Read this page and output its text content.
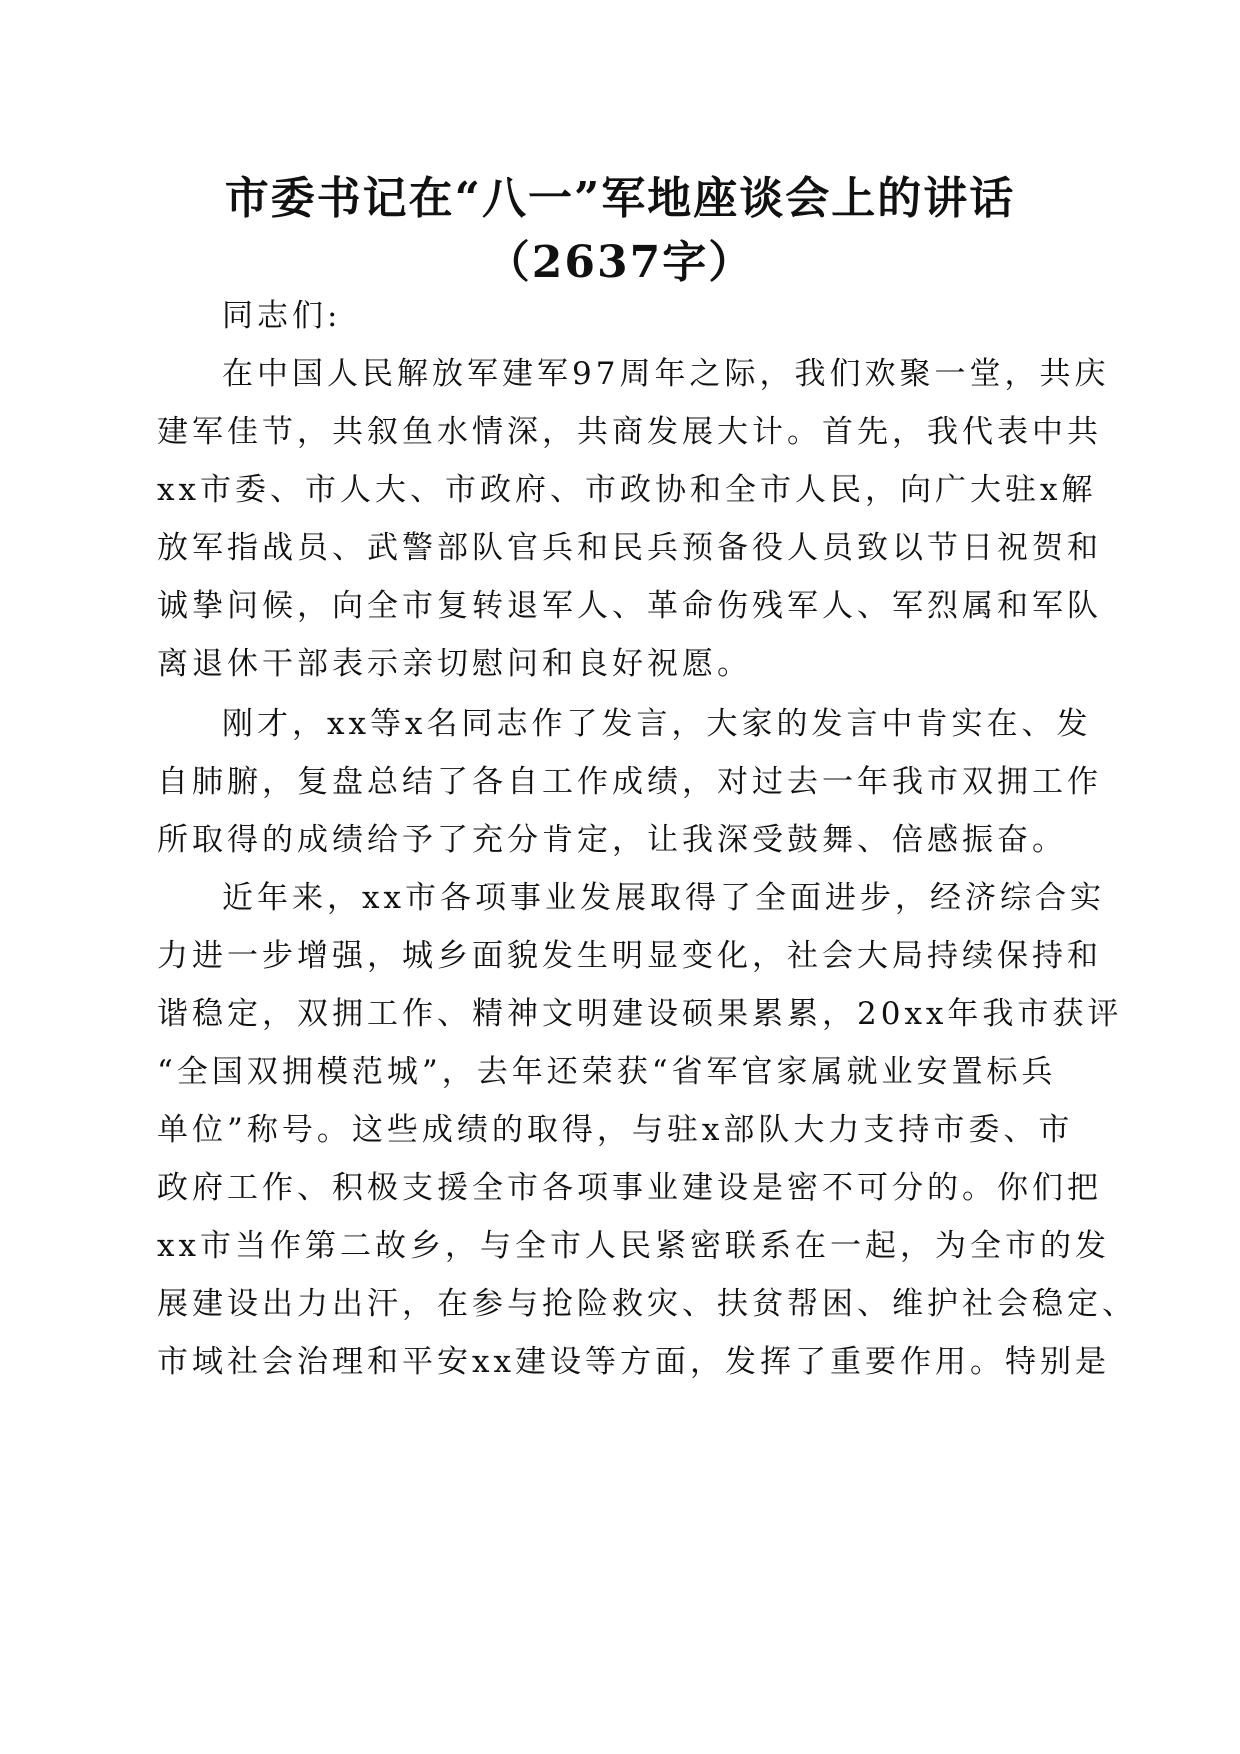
市委书记在“八一”军地座谈会上的讲话
（2637字）
同志们:
在中国人民解放军建军97周年之际，我们欢聚一堂，共庆
建军佳节，共叙鱼水情深，共商发展大计。首先，我代表中共
xx市委、市人大、市政府、市政协和全市人民，向广大驻x解
放军指战员、武警部队官兵和民兵预备役人员致以节日祝贺和
诚挚问候，向全市复转退军人、革命伤残军人、军烈属和军队
离退休干部表示亲切慰问和良好祝愿。
刚才，xx等x名同志作了发言，大家的发言中肯实在、发
自肺腑，复盘总结了各自工作成绩，对过去一年我市双拥工作
所取得的成绩给予了充分肯定，让我深受鼓舞、倍感振奋。
近年来，xx市各项事业发展取得了全面进步，经济综合实
力进一步增强，城乡面貌发生明显变化，社会大局持续保持和
谐稳定，双拥工作、精神文明建设硕果累累，20xx年我市获评
“全国双拥模范城”，去年还荣获“省军官家属就业安置标兵
单位”称号。这些成绩的取得，与驻x部队大力支持市委、市
政府工作、积极支援全市各项事业建设是密不可分的。你们把
xx市当作第二故乡，与全市人民紧密联系在一起，为全市的发
展建设出力出汗，在参与抢险救灾、扶贫帮困、维护社会稳定、
市域社会治理和平安xx建设等方面，发挥了重要作用。特别是
